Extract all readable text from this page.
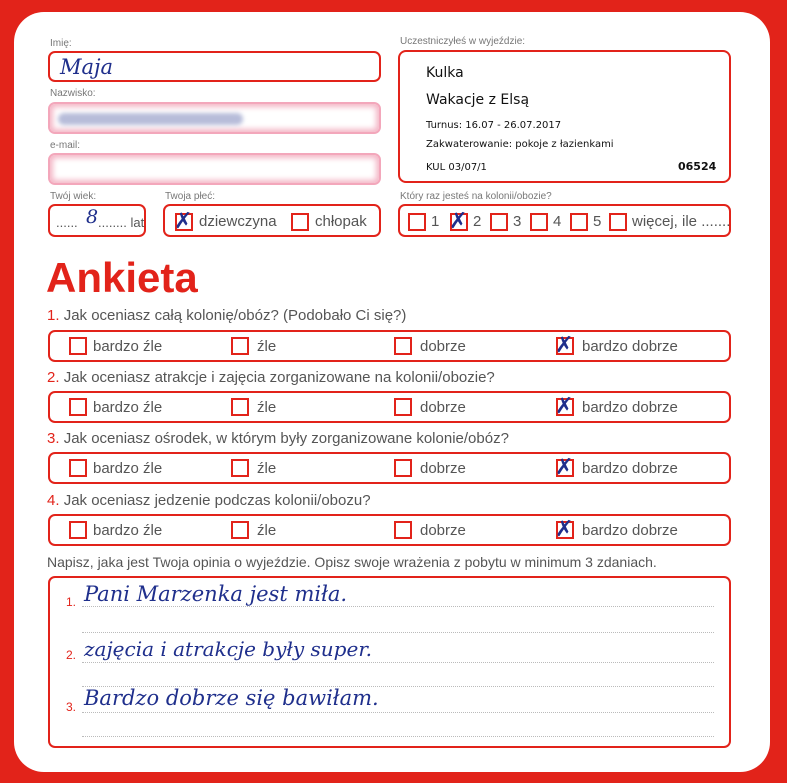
Imię:
Maja
Nazwisko:
e-mail:
Twój wiek:
...... 8 ........ lat
Twoja płeć:
✗ dziewczyna	chłopak
Uczestniczyłeś w wyjeździe:
Kulka
Wakacje z Elsą
Turnus: 16.07 - 26.07.2017
Zakwaterowanie: pokoje z łazienkami
KUL 03/07/1	06524
Który raz jesteś na kolonii/obozie?
1 ✗ 2 3 4 5 więcej, ile .......
Ankieta
1. Jak oceniasz całą kolonię/obóz? (Podobało Ci się?)
bardzo źle	źle	dobrze	✗ bardzo dobrze
2. Jak oceniasz atrakcje i zajęcia zorganizowane na kolonii/obozie?
bardzo źle	źle	dobrze	✗ bardzo dobrze
3. Jak oceniasz ośrodek, w którym były zorganizowane kolonie/obóz?
bardzo źle	źle	dobrze	✗ bardzo dobrze
4. Jak oceniasz jedzenie podczas kolonii/obozu?
bardzo źle	źle	dobrze	✗ bardzo dobrze
Napisz, jaka jest Twoja opinia o wyjeździe. Opisz swoje wrażenia z pobytu w minimum 3 zdaniach.
1. Pani Marzenka jest miła.
2. zajęcia i atrakcje były super.
3. Bardzo dobrze się bawiłam.
